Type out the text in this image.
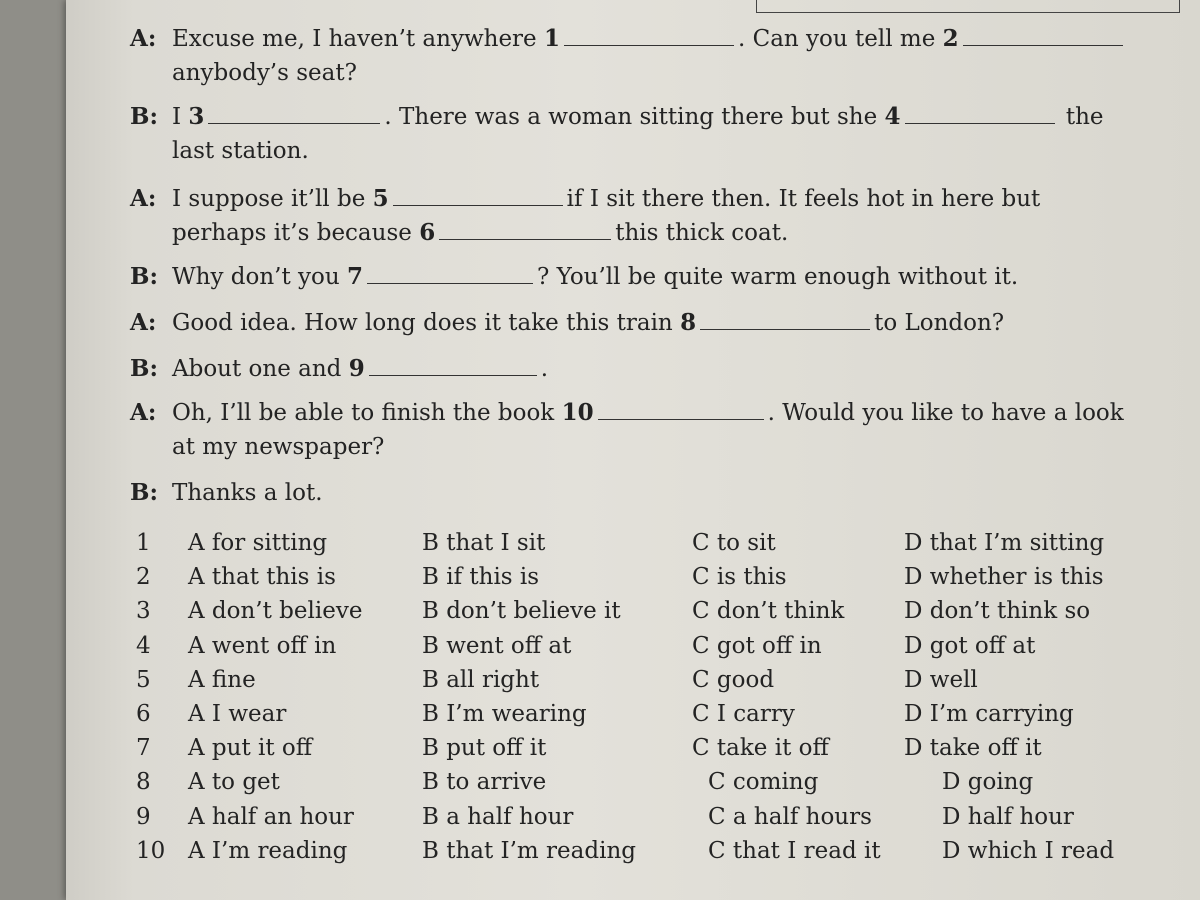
A: Excuse me, I haven’t anywhere 1	. Can you tell me 2 anybody’s seat?
B: I 3	. There was a woman sitting there but she 4	the last station.
A: I suppose it’ll be 5	if I sit there then. It feels hot in here but perhaps it’s because 6	this thick coat.
B: Why don’t you 7	? You’ll be quite warm enough without it.
A: Good idea. How long does it take this train 8	to London?
B: About one and 9	.
A: Oh, I’ll be able to finish the book 10	. Would you like to have a look at my newspaper?
B: Thanks a lot.
1 A for sitting	B that I sit	C to sit	D that I’m sitting
2 A that this is	B if this is	C is this	D whether is this
3 A don’t believe	B don’t believe it	C don’t think	D don’t think so
4 A went off in	B went off at	C got off in	D got off at
5 A fine	B all right	C good	D well
6 A I wear	B I’m wearing	C I carry	D I’m carrying
7 A put it off	B put off it	C take it off	D take off it
8 A to get	B to arrive	C coming	D going
9 A half an hour	B a half hour	C a half hours	D half hour
10 A I’m reading	B that I’m reading	C that I read it	D which I read
